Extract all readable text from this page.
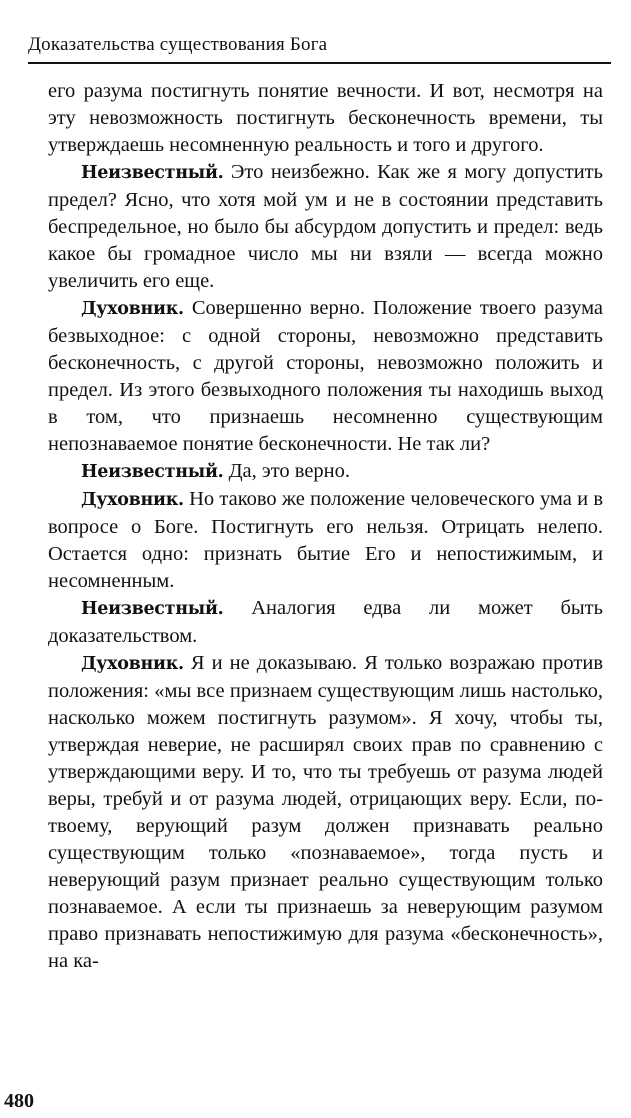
Доказательства существования Бога

его разума постигнуть понятие вечности. И вот, несмотря на эту невозможность постигнуть бесконечность времени, ты утверждаешь несомненную реальность и того и другого.

Неизвестный. Это неизбежно. Как же я могу допустить предел? Ясно, что хотя мой ум и не в состоянии представить беспредельное, но было бы абсурдом допустить и предел: ведь какое бы громадное число мы ни взяли — всегда можно увеличить его еще.

Духовник. Совершенно верно. Положение твоего разума безвыходное: с одной стороны, невозможно представить бесконечность, с другой стороны, невозможно положить и предел. Из этого безвыходного положения ты находишь выход в том, что признаешь несомненно существующим непознаваемое понятие бесконечности. Не так ли?

Неизвестный. Да, это верно.

Духовник. Но таково же положение человеческого ума и в вопросе о Боге. Постигнуть его нельзя. Отрицать нелепо. Остается одно: признать бытие Его и непостижимым, и несомненным.

Неизвестный. Аналогия едва ли может быть доказательством.

Духовник. Я и не доказываю. Я только возражаю против положения: «мы все признаем существующим лишь настолько, насколько можем постигнуть разумом». Я хочу, чтобы ты, утверждая неверие, не расширял своих прав по сравнению с утверждающими веру. И то, что ты требуешь от разума людей веры, требуй и от разума людей, отрицающих веру. Если, по-твоему, верующий разум должен признавать реально существующим только «познаваемое», тогда пусть и неверующий разум признает реально существующим только познаваемое. А если ты признаешь за неверующим разумом право признавать непостижимую для разума «бесконечность», на ка-

480
